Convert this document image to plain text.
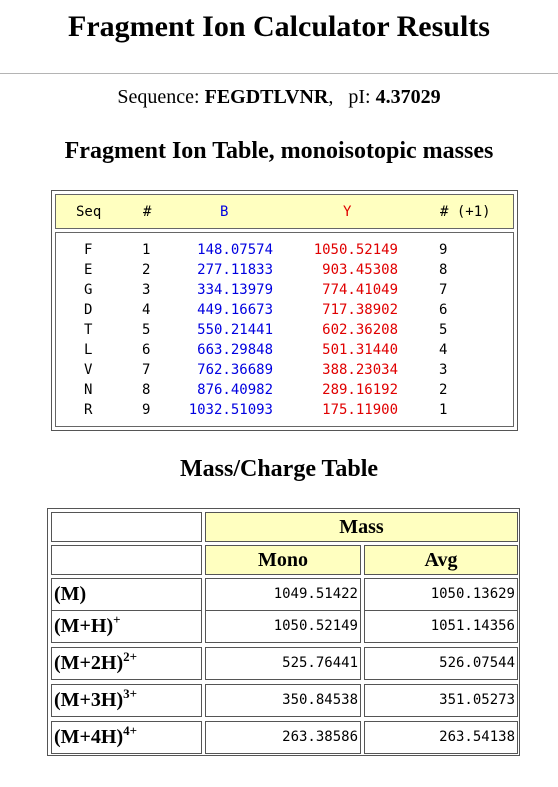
Fragment Ion Calculator Results
Sequence: FEGDTLVNR,   pI: 4.37029
Fragment Ion Table, monoisotopic masses
Seq	#	B	Y	# (+1)
F	1	148.07574	1050.52149	9
E	2	277.11833	903.45308	8
G	3	334.13979	774.41049	7
D	4	449.16673	717.38902	6
T	5	550.21441	602.36208	5
L	6	663.29848	501.31440	4
V	7	762.36689	388.23034	3
N	8	876.40982	289.16192	2
R	9	1032.51093	175.11900	1
Mass/Charge Table
Mass
Mono	Avg
(M)	1049.51422	1050.13629
(M+H)+	1050.52149	1051.14356
$(M+2H)^{2+}$	525.76441	526.07544
$(M+3H)^{3+}$	350.84538	351.05273
$(M+4H)^{4+}$	263.38586	263.54138
